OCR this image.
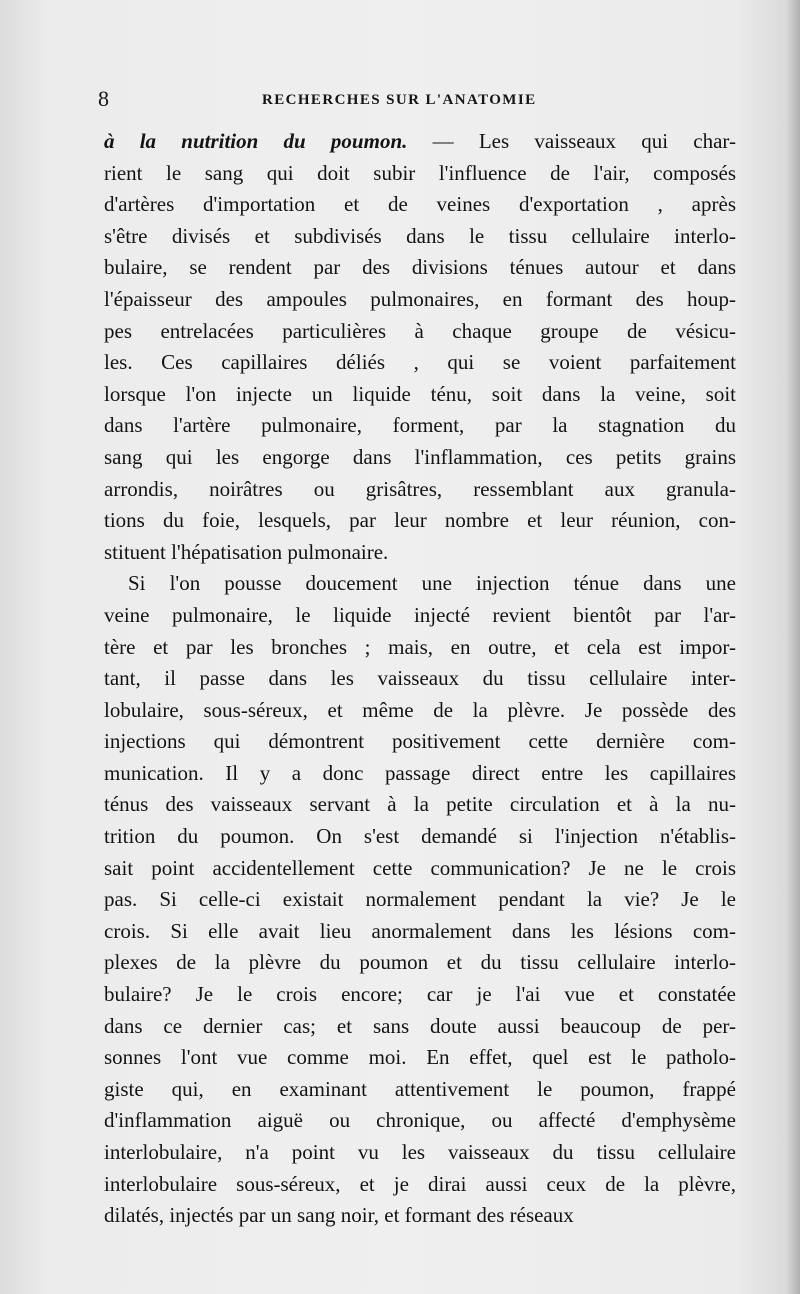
8	RECHERCHES SUR L'ANATOMIE
à la nutrition du poumon. — Les vaisseaux qui char-
rient le sang qui doit subir l'influence de l'air, composés
d'artères d'importation et de veines d'exportation , après
s'être divisés et subdivisés dans le tissu cellulaire interlo-
bulaire, se rendent par des divisions ténues autour et dans
l'épaisseur des ampoules pulmonaires, en formant des houp-
pes entrelacées particulières à chaque groupe de vésicu-
les. Ces capillaires déliés , qui se voient parfaitement
lorsque l'on injecte un liquide ténu, soit dans la veine, soit
dans l'artère pulmonaire, forment, par la stagnation du
sang qui les engorge dans l'inflammation, ces petits grains
arrondis, noirâtres ou grisâtres, ressemblant aux granula-
tions du foie, lesquels, par leur nombre et leur réunion, con-
stituent l'hépatisation pulmonaire.
Si l'on pousse doucement une injection ténue dans une
veine pulmonaire, le liquide injecté revient bientôt par l'ar-
tère et par les bronches ; mais, en outre, et cela est impor-
tant, il passe dans les vaisseaux du tissu cellulaire inter-
lobulaire, sous-séreux, et même de la plèvre. Je possède des
injections qui démontrent positivement cette dernière com-
munication. Il y a donc passage direct entre les capillaires
ténus des vaisseaux servant à la petite circulation et à la nu-
trition du poumon. On s'est demandé si l'injection n'établis-
sait point accidentellement cette communication? Je ne le crois
pas. Si celle-ci existait normalement pendant la vie? Je le
crois. Si elle avait lieu anormalement dans les lésions com-
plexes de la plèvre du poumon et du tissu cellulaire interlo-
bulaire? Je le crois encore; car je l'ai vue et constatée
dans ce dernier cas; et sans doute aussi beaucoup de per-
sonnes l'ont vue comme moi. En effet, quel est le patholo-
giste qui, en examinant attentivement le poumon, frappé
d'inflammation aiguë ou chronique, ou affecté d'emphysème
interlobulaire, n'a point vu les vaisseaux du tissu cellulaire
interlobulaire sous-séreux, et je dirai aussi ceux de la plèvre,
dilatés, injectés par un sang noir, et formant des réseaux
